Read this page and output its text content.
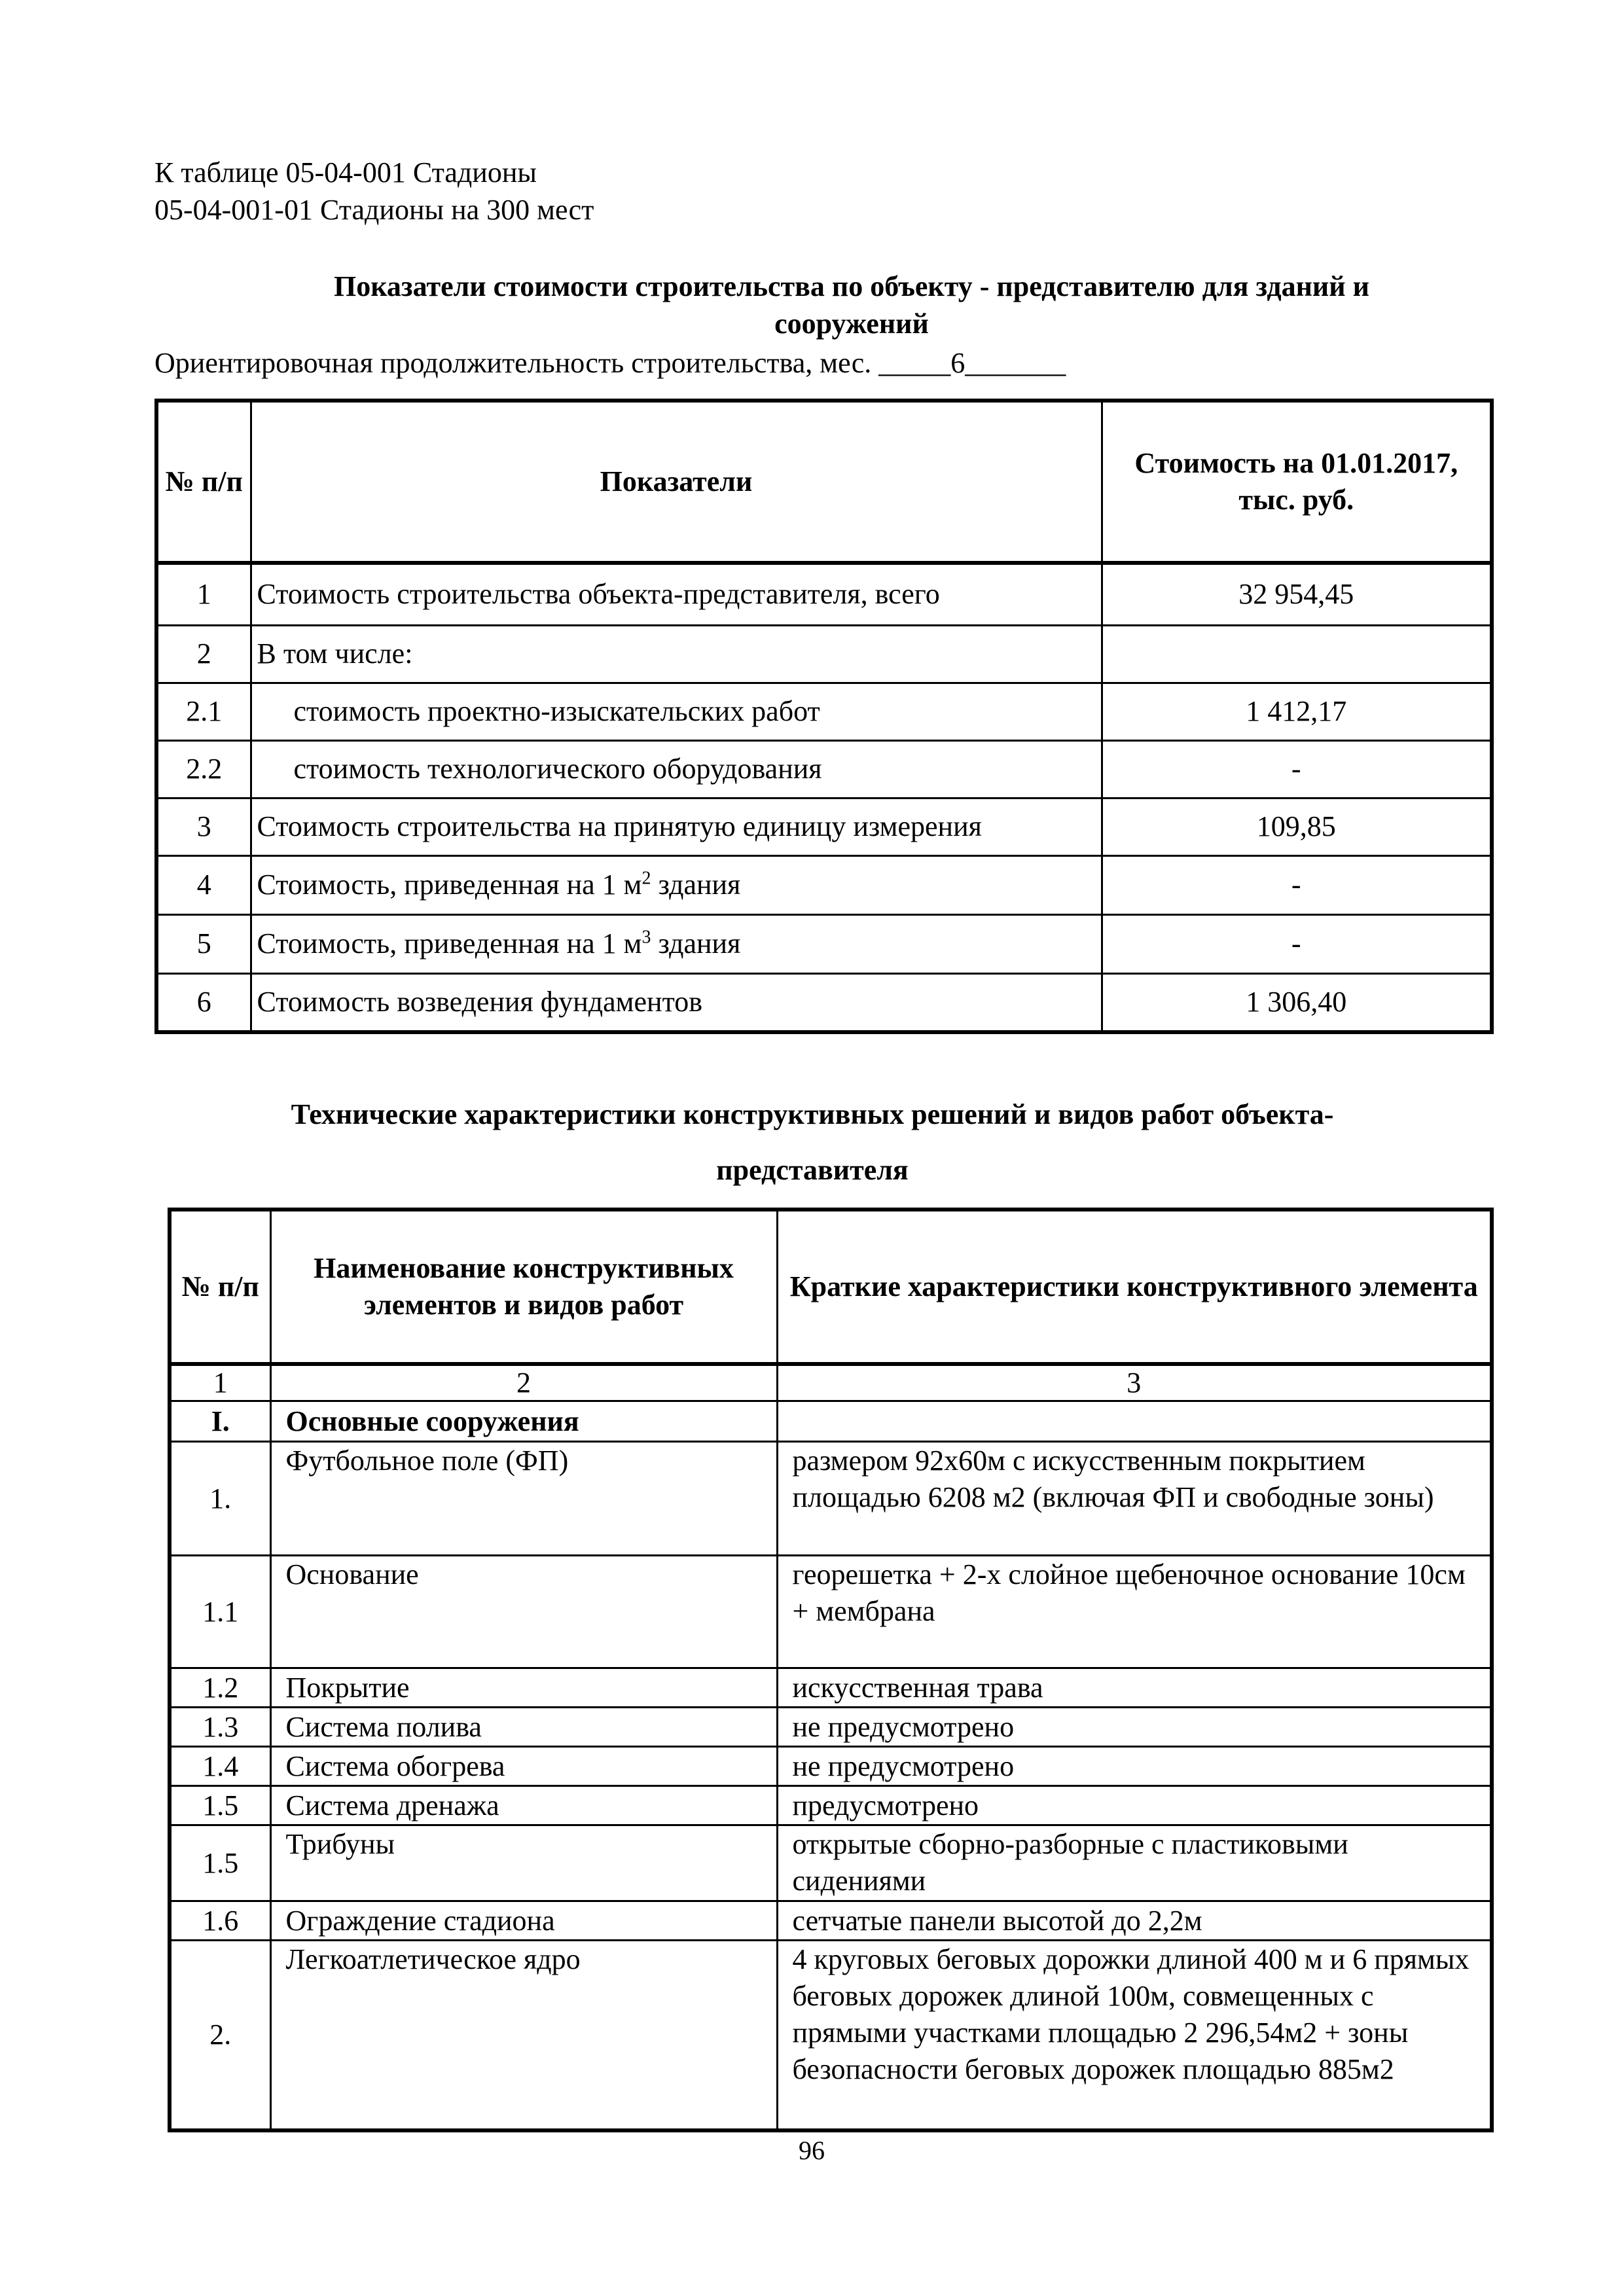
К таблице 05-04-001 Стадионы
05-04-001-01 Стадионы на 300 мест
Показатели стоимости строительства по объекту - представителю для зданий и
сооружений
Ориентировочная продолжительность строительства, мес. _____6_______
№ п/п	Показатели	Стоимость на 01.01.2017, тыс. руб.
1	Стоимость строительства объекта-представителя, всего	32 954,45
2	В том числе:	
2.1	стоимость проектно-изыскательских работ	1 412,17
2.2	стоимость технологического оборудования	-
3	Стоимость строительства на принятую единицу измерения	109,85
4	Стоимость, приведенная на 1 $м^2$ здания	-
5	Стоимость, приведенная на 1 $м^3$ здания	-
6	Стоимость возведения фундаментов	1 306,40
Технические характеристики конструктивных решений и видов работ объекта-
представителя
№ п/п	Наименование конструктивных элементов и видов работ	Краткие характеристики конструктивного элемента
1	2	3
I.	Основные сооружения	
1.	Футбольное поле (ФП)	размером 92х60м с искусственным покрытием площадью 6208 м2 (включая ФП и свободные зоны)
1.1	Основание	георешетка + 2-х слойное щебеночное основание 10см + мембрана
1.2	Покрытие	искусственная трава
1.3	Система полива	не предусмотрено
1.4	Система обогрева	не предусмотрено
1.5	Система дренажа	предусмотрено
1.5	Трибуны	открытые сборно-разборные с пластиковыми сидениями
1.6	Ограждение стадиона	сетчатые панели высотой до 2,2м
2.	Легкоатлетическое ядро	4 круговых беговых дорожки длиной 400 м и 6 прямых беговых дорожек длиной 100м, совмещенных с прямыми участками площадью 2 296,54м2 + зоны безопасности беговых дорожек площадью 885м2
96
